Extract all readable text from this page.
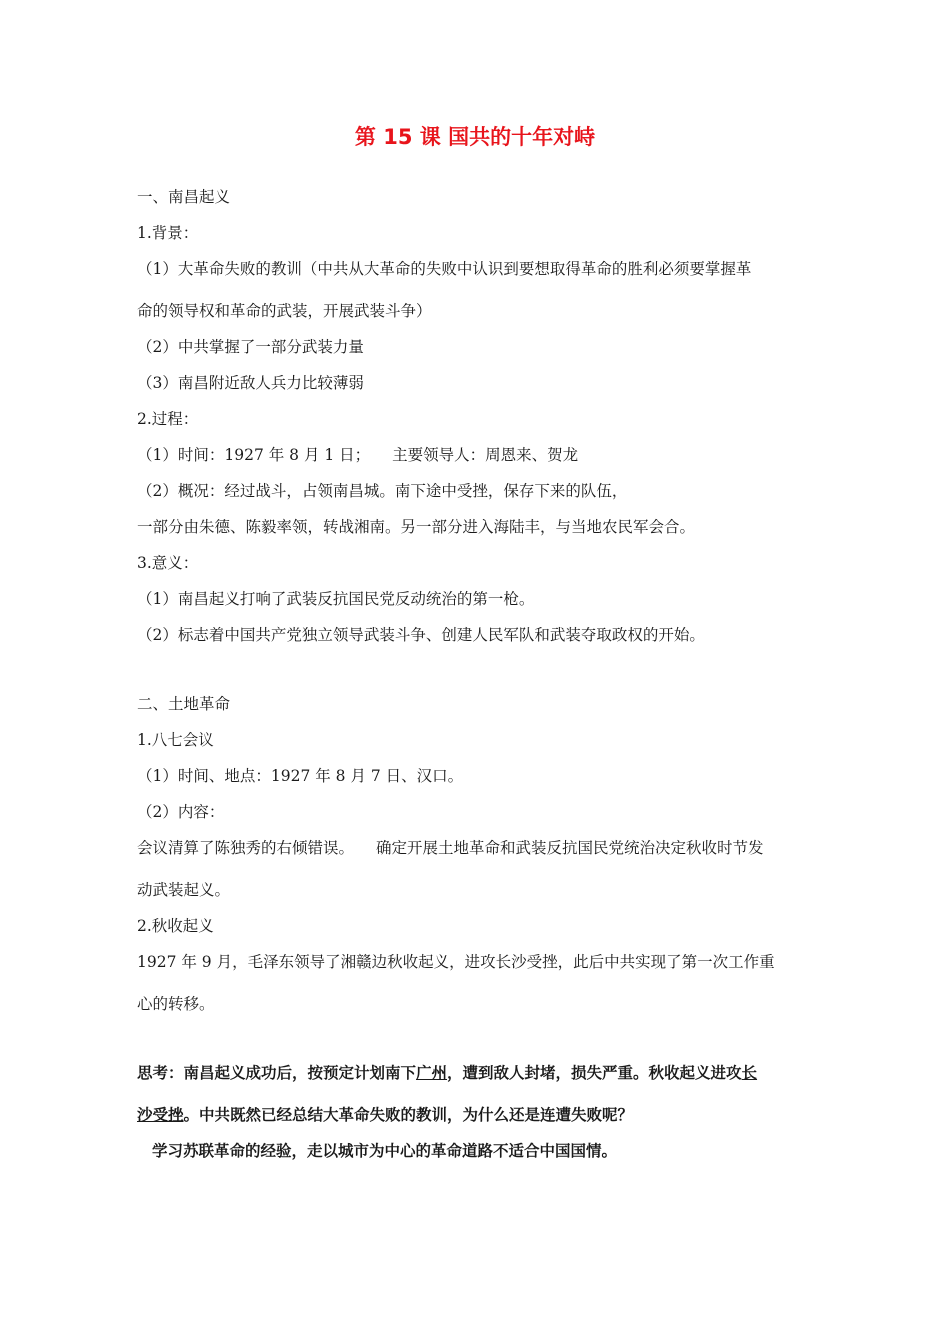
第 15 课 国共的十年对峙
一、南昌起义
1.背景：
（1）大革命失败的教训（中共从大革命的失败中认识到要想取得革命的胜利必须要掌握革
命的领导权和革命的武装，开展武装斗争）
（2）中共掌握了一部分武装力量
（3）南昌附近敌人兵力比较薄弱
2.过程：
（1）时间：1927 年 8 月 1 日； 主要领导人：周恩来、贺龙
（2）概况：经过战斗，占领南昌城。南下途中受挫，保存下来的队伍，
一部分由朱德、陈毅率领，转战湘南。另一部分进入海陆丰，与当地农民军会合。
3.意义：
（1）南昌起义打响了武装反抗国民党反动统治的第一枪。
（2）标志着中国共产党独立领导武装斗争、创建人民军队和武装夺取政权的开始。
二、土地革命
1.八七会议
（1）时间、地点：1927 年 8 月 7 日、汉口。
（2）内容：
会议清算了陈独秀的右倾错误。 确定开展土地革命和武装反抗国民党统治决定秋收时节发
动武装起义。
2.秋收起义
1927 年 9 月，毛泽东领导了湘赣边秋收起义，进攻长沙受挫，此后中共实现了第一次工作重
心的转移。
思考：南昌起义成功后，按预定计划南下广州，遭到敌人封堵，损失严重。秋收起义进攻长
沙受挫。中共既然已经总结大革命失败的教训，为什么还是连遭失败呢？
学习苏联革命的经验，走以城市为中心的革命道路不适合中国国情。
